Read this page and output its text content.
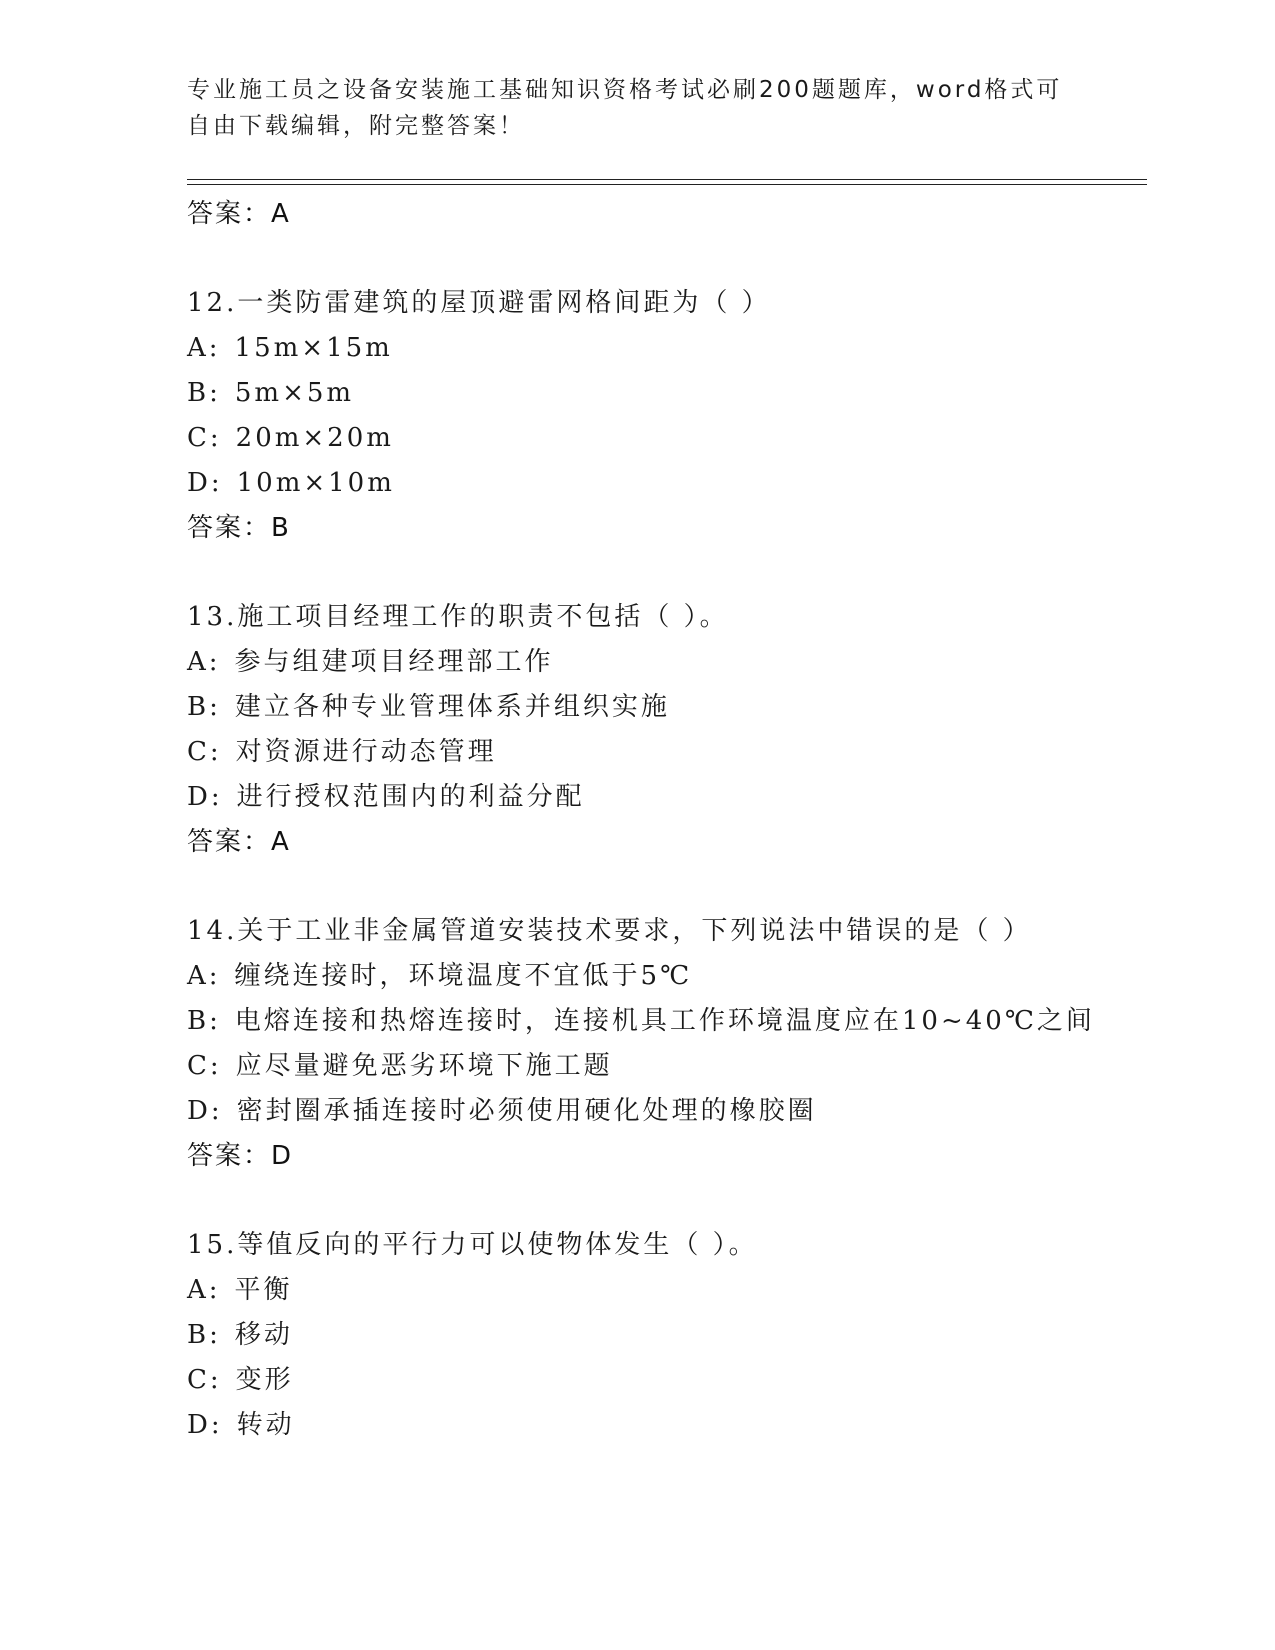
专业施工员之设备安装施工基础知识资格考试必刷200题题库，word格式可自由下载编辑，附完整答案！
答案：A
12.一类防雷建筑的屋顶避雷网格间距为（ ）
A: 15m×15m
B: 5m×5m
C: 20m×20m
D: 10m×10m
答案：B
13.施工项目经理工作的职责不包括（ ）。
A: 参与组建项目经理部工作
B: 建立各种专业管理体系并组织实施
C: 对资源进行动态管理
D: 进行授权范围内的利益分配
答案：A
14.关于工业非金属管道安装技术要求，下列说法中错误的是（ ）
A: 缠绕连接时，环境温度不宜低于5℃
B: 电熔连接和热熔连接时，连接机具工作环境温度应在10~40℃之间
C: 应尽量避免恶劣环境下施工题
D: 密封圈承插连接时必须使用硬化处理的橡胶圈
答案：D
15.等值反向的平行力可以使物体发生（ ）。
A: 平衡
B: 移动
C: 变形
D: 转动
